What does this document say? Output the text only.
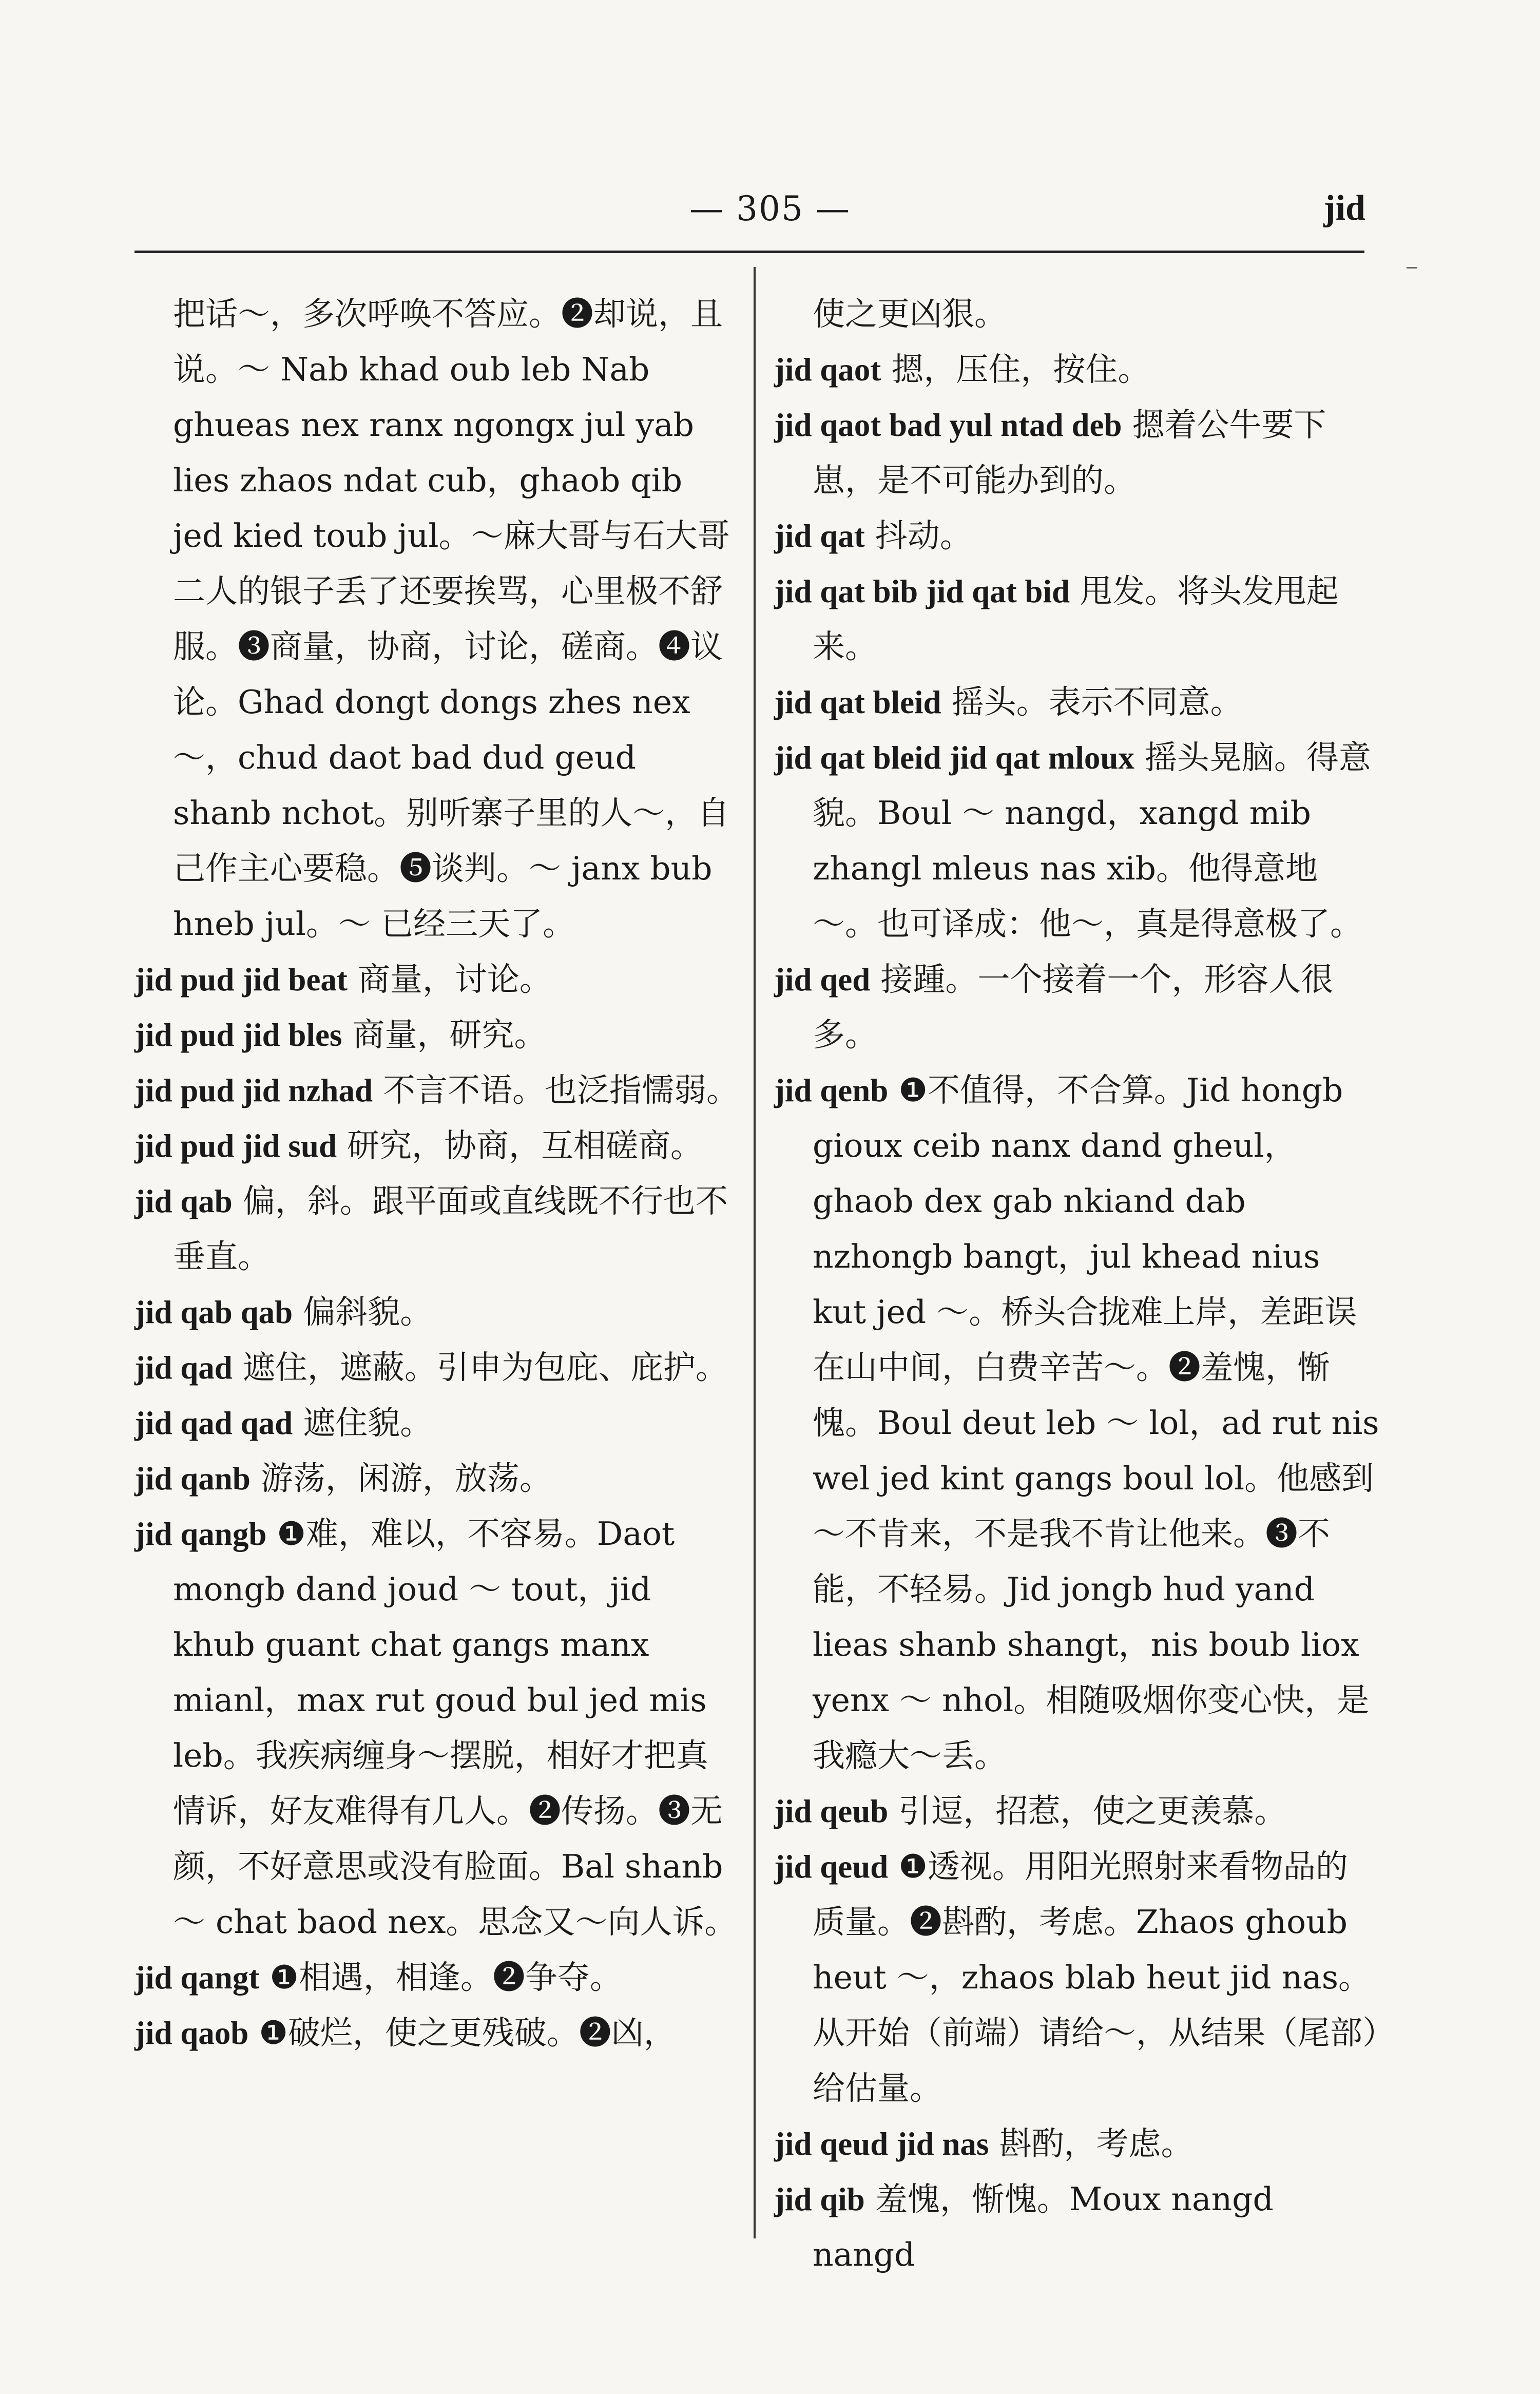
— 305 —	jid
把话～，多次呼唤不答应。❷却说，且说。～ Nab khad oub leb Nab ghueas nex ranx ngongx jul yab lies zhaos ndat cub，ghaob qib jed kied toub jul。～麻大哥与石大哥二人的银子丢了还要挨骂，心里极不舒服。❸商量，协商，讨论，磋商。❹议论。Ghad dongt dongs zhes nex ～，chud daot bad dud geud shanb nchot。别听寨子里的人～，自己作主心要稳。❺谈判。～ janx bub hneb jul。～ 已经三天了。
jid pud jid beat 商量，讨论。
jid pud jid bles 商量，研究。
jid pud jid nzhad 不言不语。也泛指懦弱。
jid pud jid sud 研究，协商，互相磋商。
jid qab 偏，斜。跟平面或直线既不行也不垂直。
jid qab qab 偏斜貌。
jid qad 遮住，遮蔽。引申为包庇、庇护。
jid qad qad 遮住貌。
jid qanb 游荡，闲游，放荡。
jid qangb ❶难，难以，不容易。Daot mongb dand joud ～ tout，jid khub guant chat gangs manx mianl，max rut goud bul jed mis leb。我疾病缠身～摆脱，相好才把真情诉，好友难得有几人。❷传扬。❸无颜，不好意思或没有脸面。Bal shanb ～ chat baod nex。思念又～向人诉。
jid qangt ❶相遇，相逢。❷争夺。
jid qaob ❶破烂，使之更残破。❷凶，
使之更凶狠。
jid qaot 摁，压住，按住。
jid qaot bad yul ntad deb 摁着公牛要下崽，是不可能办到的。
jid qat 抖动。
jid qat bib jid qat bid 甩发。将头发甩起来。
jid qat bleid 摇头。表示不同意。
jid qat bleid jid qat mloux 摇头晃脑。得意貌。Boul ～ nangd，xangd mib zhangl mleus nas xib。他得意地～。也可译成：他～，真是得意极了。
jid qed 接踵。一个接着一个，形容人很多。
jid qenb ❶不值得，不合算。Jid hongb gioux ceib nanx dand gheul，ghaob dex gab nkiand dab nzhongb bangt，jul khead nius kut jed ～。桥头合拢难上岸，差距误在山中间，白费辛苦～。❷羞愧，惭愧。Boul deut leb ～ lol，ad rut nis wel jed kint gangs boul lol。他感到～不肯来，不是我不肯让他来。❸不能，不轻易。Jid jongb hud yand lieas shanb shangt，nis boub liox yenx ～ nhol。相随吸烟你变心快，是我瘾大～丢。
jid qeub 引逗，招惹，使之更羡慕。
jid qeud ❶透视。用阳光照射来看物品的质量。❷斟酌，考虑。Zhaos ghoub heut ～，zhaos blab heut jid nas。从开始（前端）请给～，从结果（尾部）给估量。
jid qeud jid nas 斟酌，考虑。
jid qib 羞愧，惭愧。Moux nangd nangd
